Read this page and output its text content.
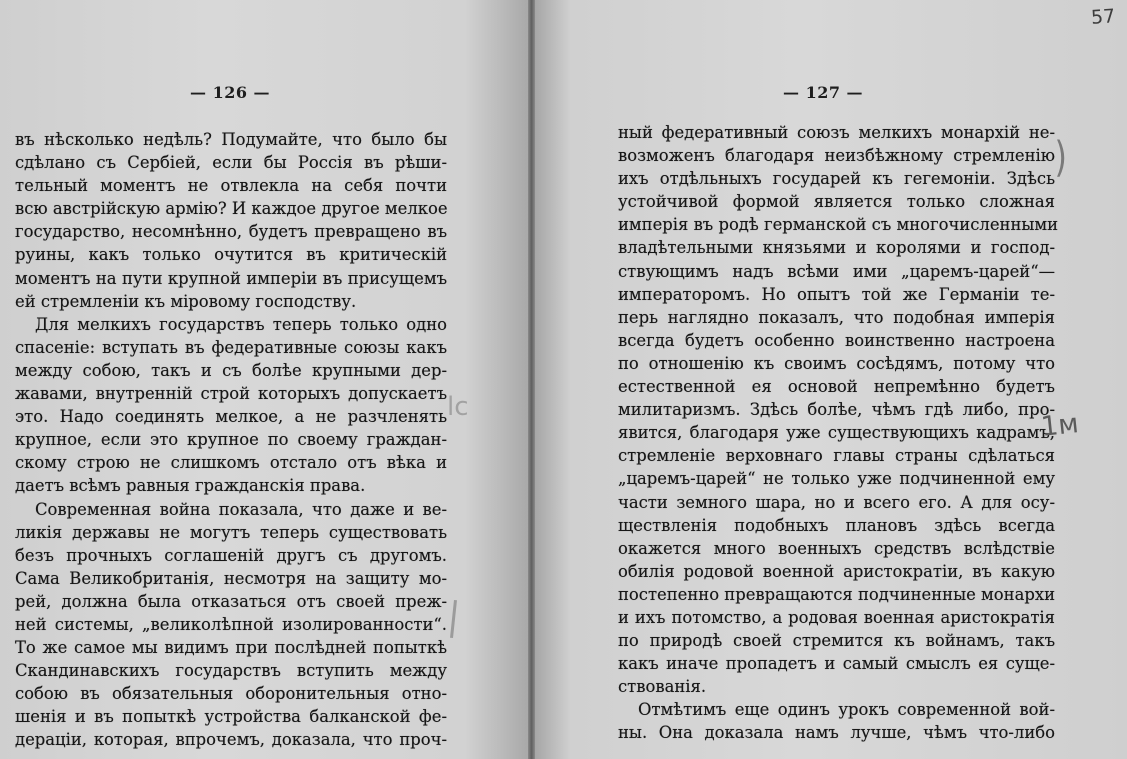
— 126 —
въ нѣсколько недѣль? Подумайте, что было бы
сдѣлано съ Сербіей, если бы Россія въ рѣши-
тельный моментъ не отвлекла на себя почти
всю австрійскую армію? И каждое другое мелкое
государство, несомнѣнно, будетъ превращено въ
руины, какъ только очутится въ критическій
моментъ на пути крупной имперіи въ присущемъ
ей стремленіи къ міровому господству.
Для мелкихъ государствъ теперь только одно
спасеніе: вступать въ федеративные союзы какъ
между собою, такъ и съ болѣе крупными дер-
жавами, внутренній строй которыхъ допускаетъ
это. Надо соединять мелкое, а не разчленять
крупное, если это крупное по своему граждан-
скому строю не слишкомъ отстало отъ вѣка и
даетъ всѣмъ равныя гражданскія права.
Современная война показала, что даже и ве-
ликія державы не могутъ теперь существовать
безъ прочныхъ соглашеній другъ съ другомъ.
Сама Великобританія, несмотря на защиту мо-
рей, должна была отказаться отъ своей преж-
ней системы, „великолѣпной изолированности“.
То же самое мы видимъ при послѣдней попыткѣ
Скандинавскихъ государствъ вступить между
собою въ обязательныя оборонительныя отно-
шенія и въ попыткѣ устройства балканской фе-
дераціи, которая, впрочемъ, доказала, что проч-
lc
57
— 127 —
ный федеративный союзъ мелкихъ монархій не-
возможенъ благодаря неизбѣжному стремленію
ихъ отдѣльныхъ государей къ гегемоніи. Здѣсь
устойчивой формой является только сложная
имперія въ родѣ германской съ многочисленными
владѣтельными князьями и королями и господ-
ствующимъ надъ всѣми ими „царемъ-царей“—
императоромъ. Но опытъ той же Германіи те-
перь наглядно показалъ, что подобная имперія
всегда будетъ особенно воинственно настроена
по отношенію къ своимъ сосѣдямъ, потому что
естественной ея основой непремѣнно будетъ
милитаризмъ. Здѣсь болѣе, чѣмъ гдѣ либо, про-
явится, благодаря уже существующихъ кадрамъ,
стремленіе верховнаго главы страны сдѣлаться
„царемъ-царей“ не только уже подчиненной ему
части земного шара, но и всего его. А для осу-
ществленія подобныхъ плановъ здѣсь всегда
окажется много военныхъ средствъ вслѣдствіе
обилія родовой военной аристократіи, въ какую
постепенно превращаются подчиненные монархи
и ихъ потомство, а родовая военная аристократія
по природѣ своей стремится къ войнамъ, такъ
какъ иначе пропадетъ и самый смыслъ ея суще-
ствованія.
Отмѣтимъ еще одинъ урокъ современной вой-
ны. Она доказала намъ лучше, чѣмъ что-либо
)
1м
